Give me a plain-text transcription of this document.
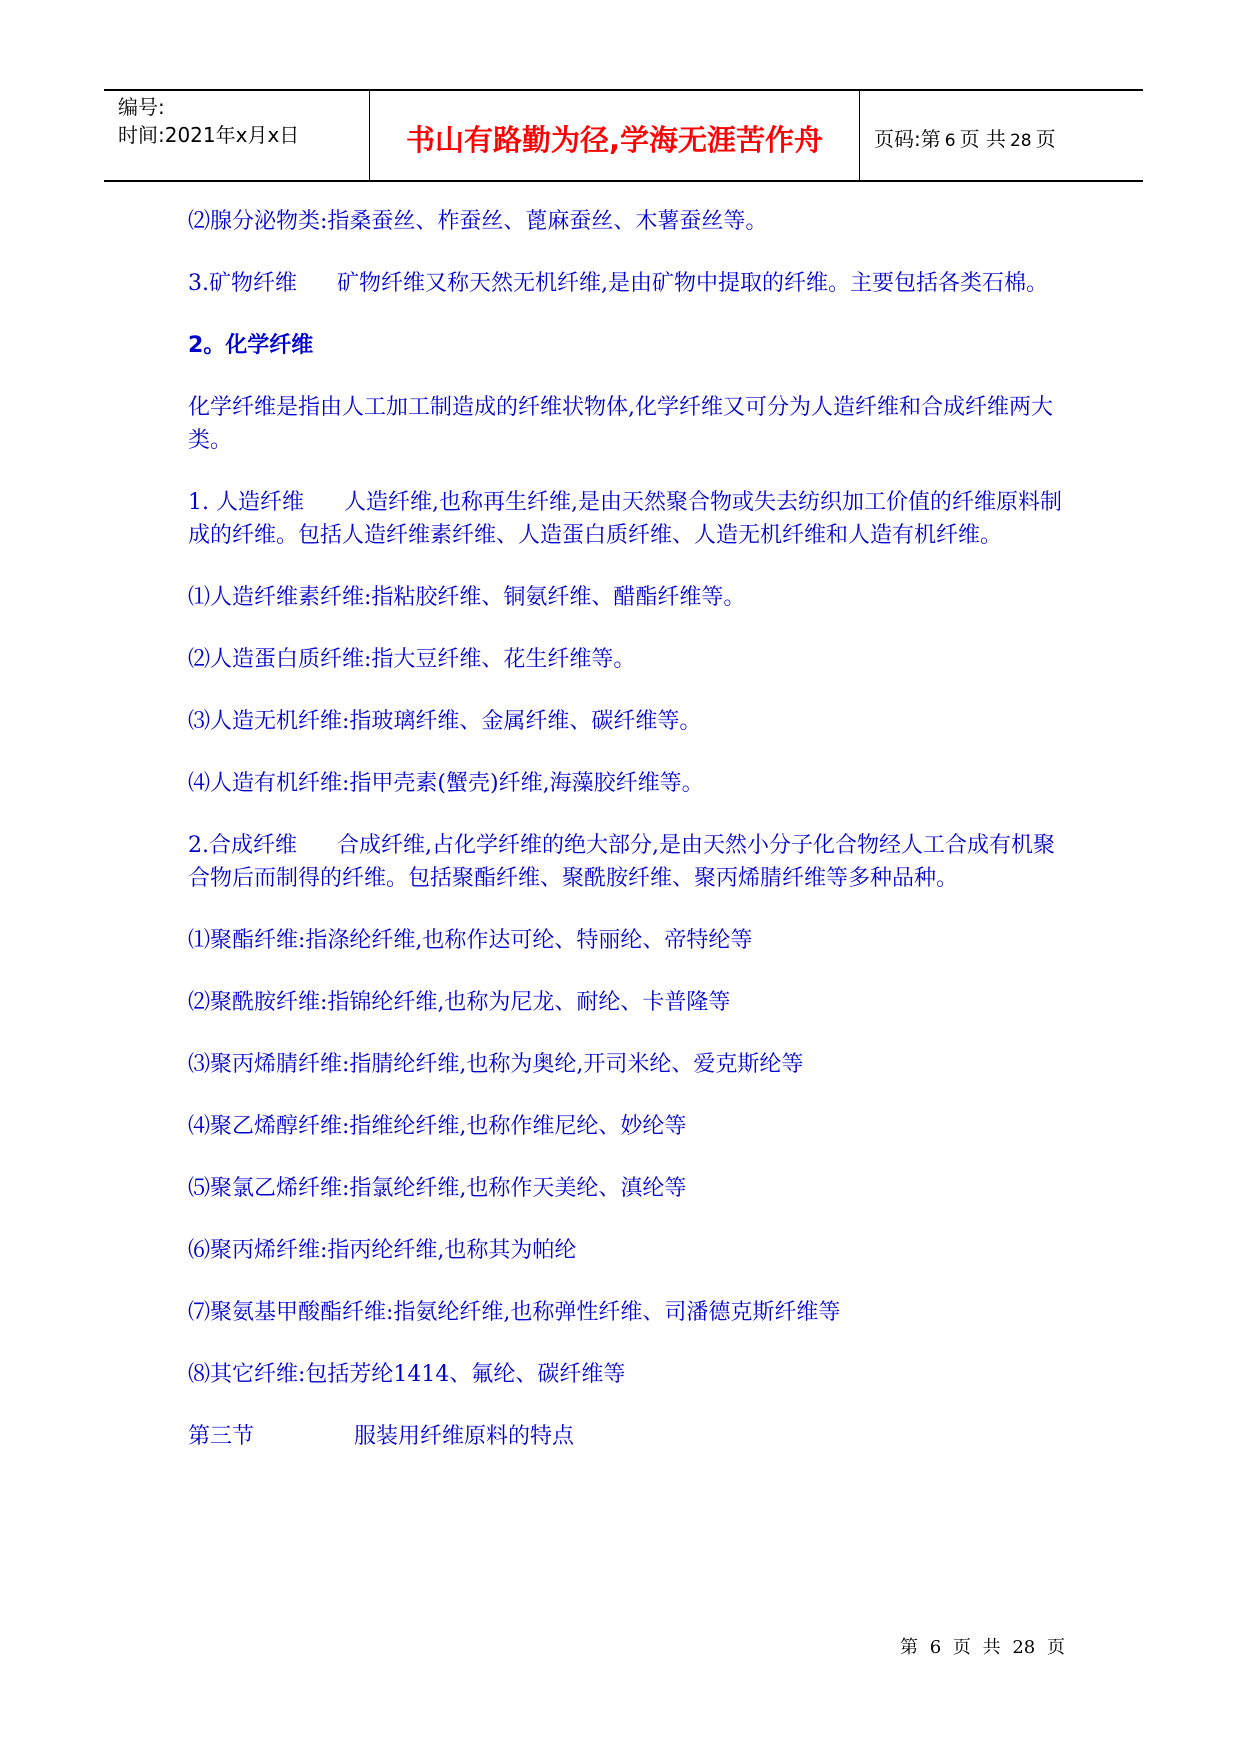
编号:
时间:2021年x月x日	书山有路勤为径,学海无涯苦作舟	页码:第 6 页 共 28 页

⑵腺分泌物类:指桑蚕丝、柞蚕丝、蓖麻蚕丝、木薯蚕丝等。

3.矿物纤维 矿物纤维又称天然无机纤维,是由矿物中提取的纤维。主要包括各类石棉。

2。化学纤维

化学纤维是指由人工加工制造成的纤维状物体,化学纤维又可分为人造纤维和合成纤维两大类。

1. 人造纤维 人造纤维,也称再生纤维,是由天然聚合物或失去纺织加工价值的纤维原料制成的纤维。包括人造纤维素纤维、人造蛋白质纤维、人造无机纤维和人造有机纤维。

⑴人造纤维素纤维:指粘胶纤维、铜氨纤维、醋酯纤维等。

⑵人造蛋白质纤维:指大豆纤维、花生纤维等。

⑶人造无机纤维:指玻璃纤维、金属纤维、碳纤维等。

⑷人造有机纤维:指甲壳素(蟹壳)纤维,海藻胶纤维等。

2.合成纤维 合成纤维,占化学纤维的绝大部分,是由天然小分子化合物经人工合成有机聚合物后而制得的纤维。包括聚酯纤维、聚酰胺纤维、聚丙烯腈纤维等多种品种。

⑴聚酯纤维:指涤纶纤维,也称作达可纶、特丽纶、帝特纶等

⑵聚酰胺纤维:指锦纶纤维,也称为尼龙、耐纶、卡普隆等

⑶聚丙烯腈纤维:指腈纶纤维,也称为奥纶,开司米纶、爱克斯纶等

⑷聚乙烯醇纤维:指维纶纤维,也称作维尼纶、妙纶等

⑸聚氯乙烯纤维:指氯纶纤维,也称作天美纶、滇纶等

⑹聚丙烯纤维:指丙纶纤维,也称其为帕纶

⑺聚氨基甲酸酯纤维:指氨纶纤维,也称弹性纤维、司潘德克斯纤维等

⑻其它纤维:包括芳纶1414、氟纶、碳纤维等

第三节	服装用纤维原料的特点

第 6 页 共 28 页
